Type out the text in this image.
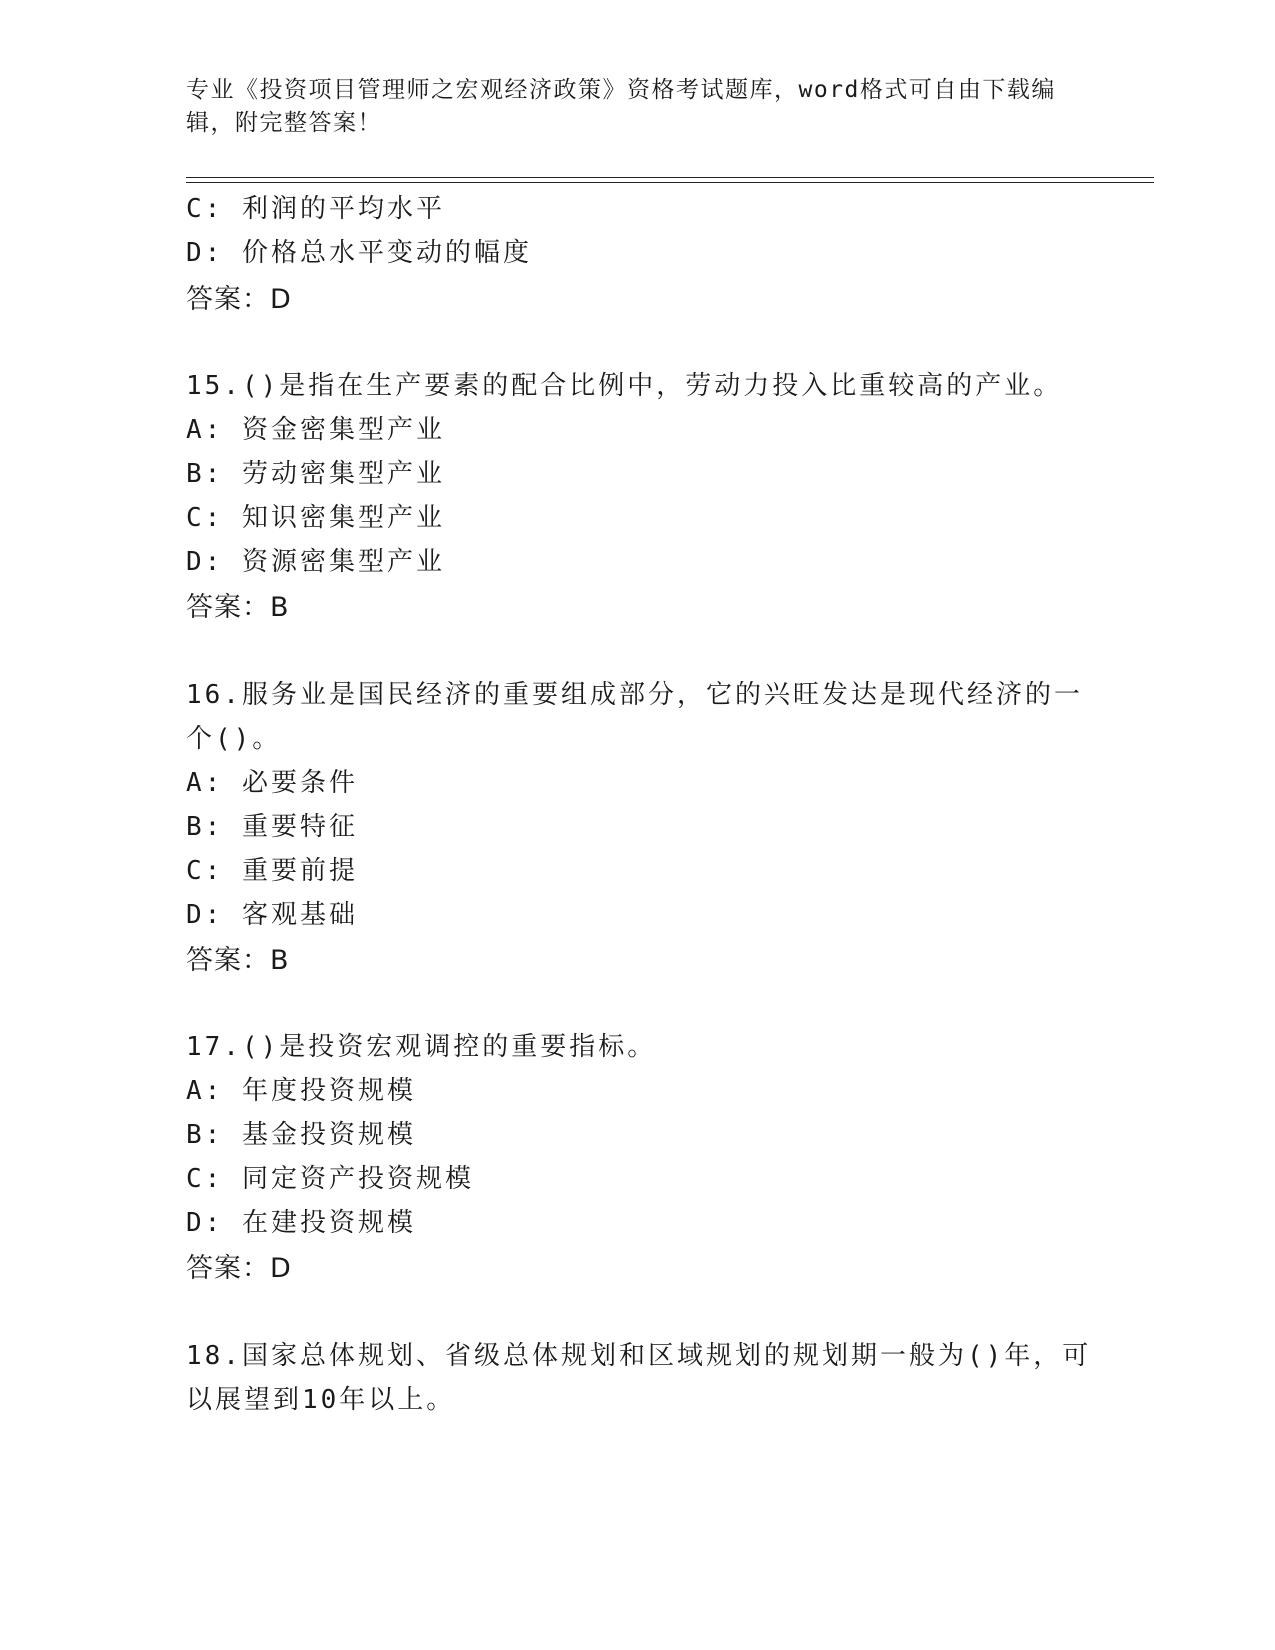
专业《投资项目管理师之宏观经济政策》资格考试题库，word格式可自由下载编
辑，附完整答案！
C: 利润的平均水平
D: 价格总水平变动的幅度
答案：D
15.()是指在生产要素的配合比例中，劳动力投入比重较高的产业。
A: 资金密集型产业
B: 劳动密集型产业
C: 知识密集型产业
D: 资源密集型产业
答案：B
16.服务业是国民经济的重要组成部分，它的兴旺发达是现代经济的一
个()。
A: 必要条件
B: 重要特征
C: 重要前提
D: 客观基础
答案：B
17.()是投资宏观调控的重要指标。
A: 年度投资规模
B: 基金投资规模
C: 同定资产投资规模
D: 在建投资规模
答案：D
18.国家总体规划、省级总体规划和区域规划的规划期一般为()年，可
以展望到10年以上。
